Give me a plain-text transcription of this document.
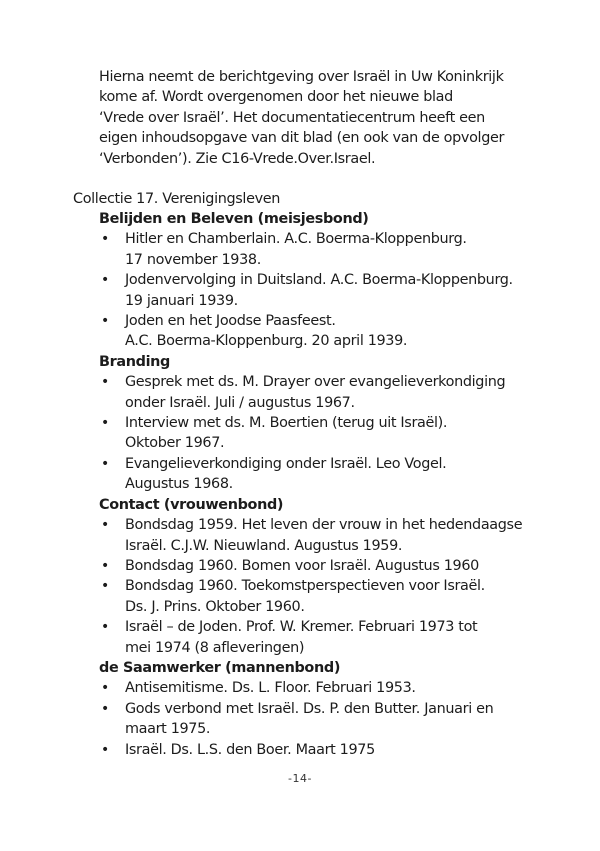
Hierna neemt de berichtgeving over Israël in Uw Koninkrijk
kome af. Wordt overgenomen door het nieuwe blad
‘Vrede over Israël’. Het documentatiecentrum heeft een
eigen inhoudsopgave van dit blad (en ook van de opvolger
‘Verbonden’). Zie C16-Vrede.Over.Israel.

Collectie 17. Verenigingsleven
Belijden en Beleven (meisjesbond)
• Hitler en Chamberlain. A.C. Boerma-Kloppenburg.
17 november 1938.
• Jodenvervolging in Duitsland. A.C. Boerma-Kloppenburg.
19 januari 1939.
• Joden en het Joodse Paasfeest.
A.C. Boerma-Kloppenburg. 20 april 1939.
Branding
• Gesprek met ds. M. Drayer over evangelieverkondiging
onder Israël. Juli / augustus 1967.
• Interview met ds. M. Boertien (terug uit Israël).
Oktober 1967.
• Evangelieverkondiging onder Israël. Leo Vogel.
Augustus 1968.
Contact (vrouwenbond)
• Bondsdag 1959. Het leven der vrouw in het hedendaagse
Israël. C.J.W. Nieuwland. Augustus 1959.
• Bondsdag 1960. Bomen voor Israël. Augustus 1960
• Bondsdag 1960. Toekomstperspectieven voor Israël.
Ds. J. Prins. Oktober 1960.
• Israël – de Joden. Prof. W. Kremer. Februari 1973 tot
mei 1974 (8 afleveringen)
de Saamwerker (mannenbond)
• Antisemitisme. Ds. L. Floor. Februari 1953.
• Gods verbond met Israël. Ds. P. den Butter. Januari en
maart 1975.
• Israël. Ds. L.S. den Boer. Maart 1975
-14-
